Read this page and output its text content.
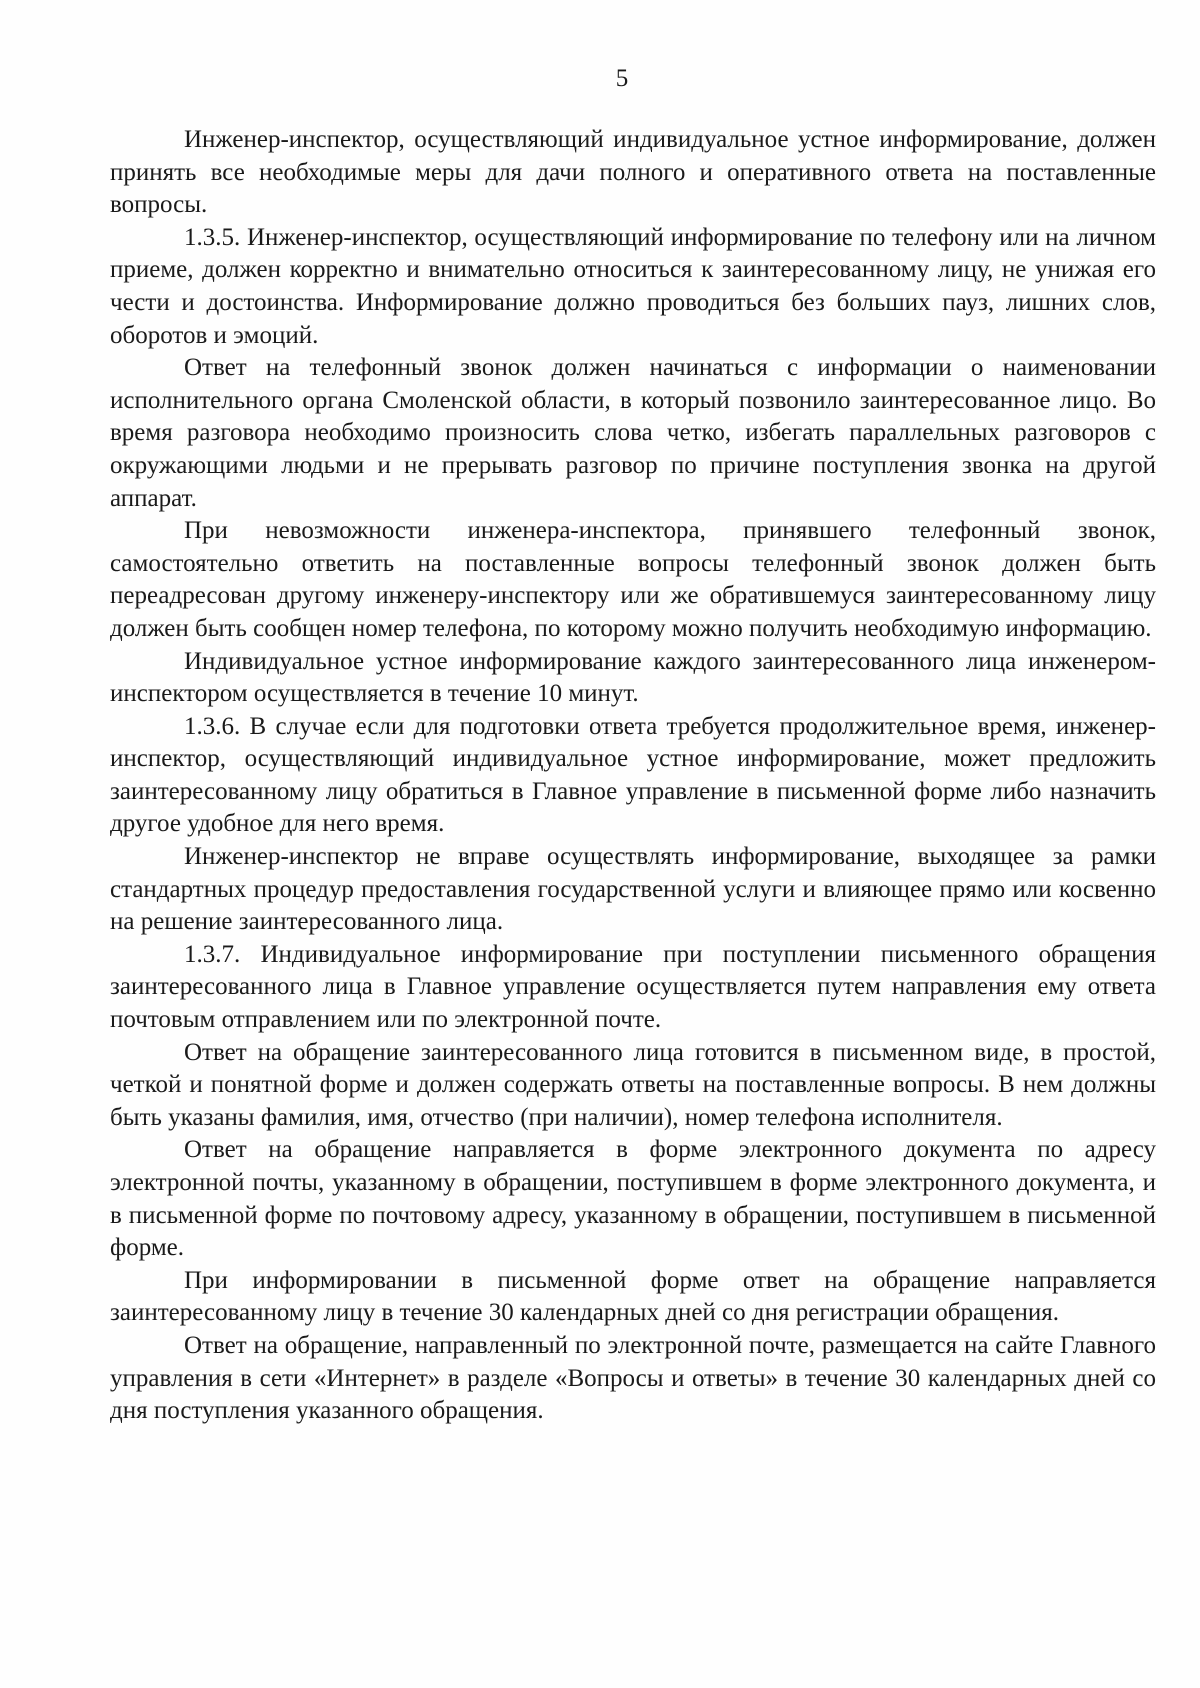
5

Инженер-инспектор, осуществляющий индивидуальное устное информирование, должен принять все необходимые меры для дачи полного и оперативного ответа на поставленные вопросы.

1.3.5. Инженер-инспектор, осуществляющий информирование по телефону или на личном приеме, должен корректно и внимательно относиться к заинтересованному лицу, не унижая его чести и достоинства. Информирование должно проводиться без больших пауз, лишних слов, оборотов и эмоций.

Ответ на телефонный звонок должен начинаться с информации о наименовании исполнительного органа Смоленской области, в который позвонило заинтересованное лицо. Во время разговора необходимо произносить слова четко, избегать параллельных разговоров с окружающими людьми и не прерывать разговор по причине поступления звонка на другой аппарат.

При невозможности инженера-инспектора, принявшего телефонный звонок, самостоятельно ответить на поставленные вопросы телефонный звонок должен быть переадресован другому инженеру-инспектору или же обратившемуся заинтересованному лицу должен быть сообщен номер телефона, по которому можно получить необходимую информацию.

Индивидуальное устное информирование каждого заинтересованного лица инженером-инспектором осуществляется в течение 10 минут.

1.3.6. В случае если для подготовки ответа требуется продолжительное время, инженер-инспектор, осуществляющий индивидуальное устное информирование, может предложить заинтересованному лицу обратиться в Главное управление в письменной форме либо назначить другое удобное для него время.

Инженер-инспектор не вправе осуществлять информирование, выходящее за рамки стандартных процедур предоставления государственной услуги и влияющее прямо или косвенно на решение заинтересованного лица.

1.3.7. Индивидуальное информирование при поступлении письменного обращения заинтересованного лица в Главное управление осуществляется путем направления ему ответа почтовым отправлением или по электронной почте.

Ответ на обращение заинтересованного лица готовится в письменном виде, в простой, четкой и понятной форме и должен содержать ответы на поставленные вопросы. В нем должны быть указаны фамилия, имя, отчество (при наличии), номер телефона исполнителя.

Ответ на обращение направляется в форме электронного документа по адресу электронной почты, указанному в обращении, поступившем в форме электронного документа, и в письменной форме по почтовому адресу, указанному в обращении, поступившем в письменной форме.

При информировании в письменной форме ответ на обращение направляется заинтересованному лицу в течение 30 календарных дней со дня регистрации обращения.

Ответ на обращение, направленный по электронной почте, размещается на сайте Главного управления в сети «Интернет» в разделе «Вопросы и ответы» в течение 30 календарных дней со дня поступления указанного обращения.
